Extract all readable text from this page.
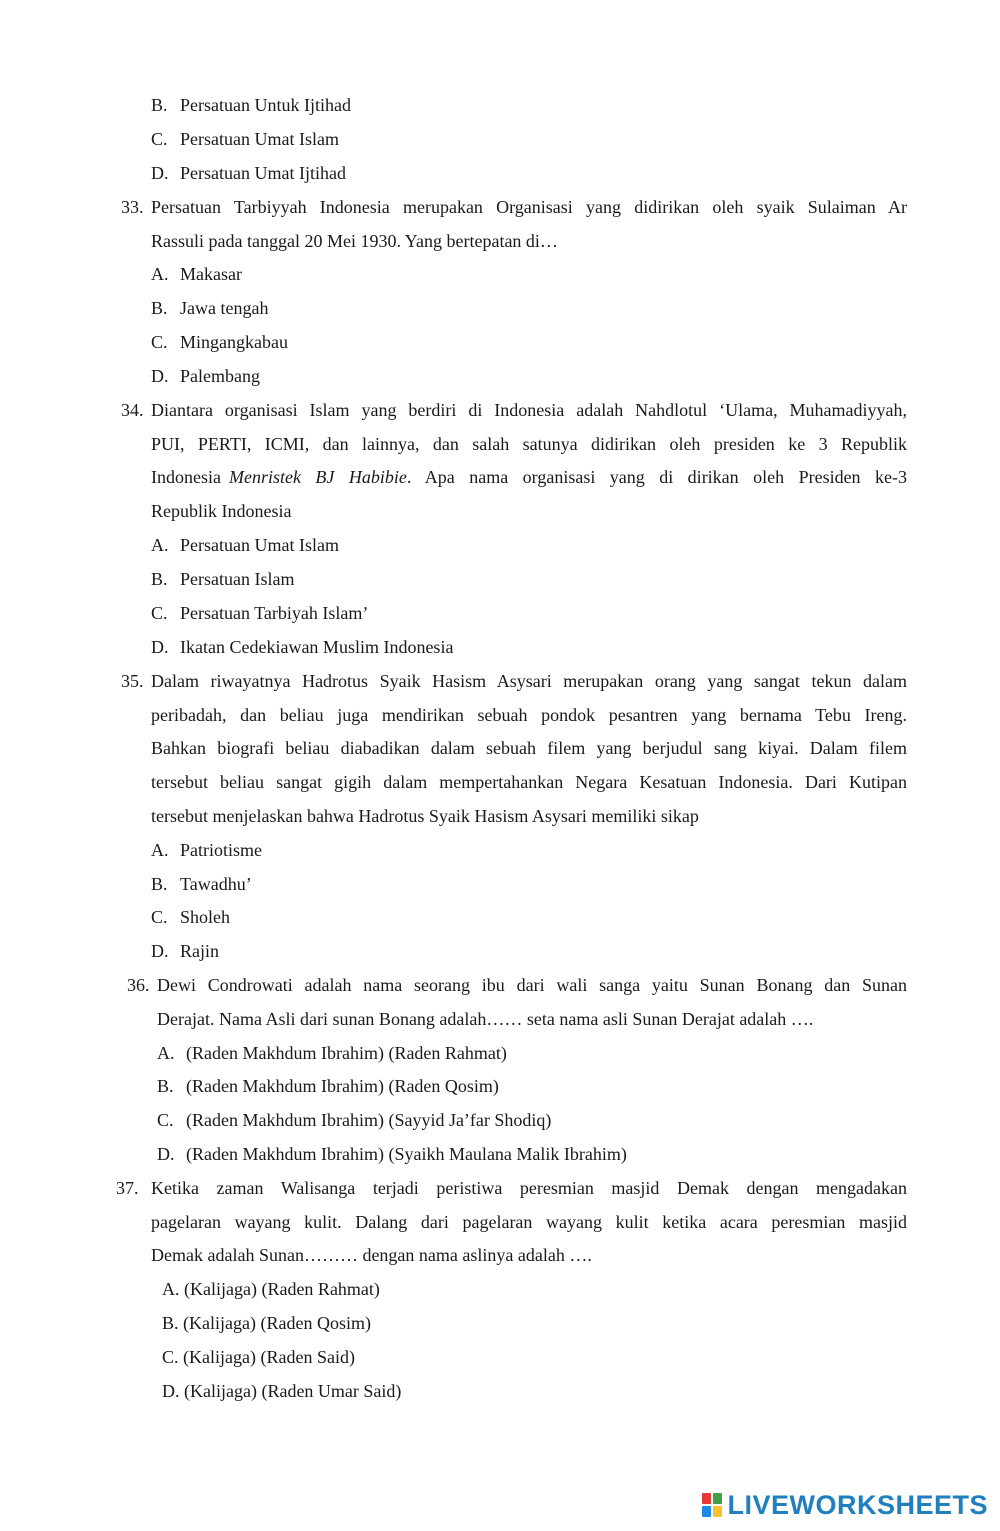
B. Persatuan Untuk Ijtihad
C. Persatuan Umat Islam
D. Persatuan Umat Ijtihad
33. Persatuan Tarbiyyah Indonesia merupakan Organisasi yang didirikan oleh syaik Sulaiman Ar
Rassuli pada tanggal 20 Mei 1930. Yang bertepatan di…
A. Makasar
B. Jawa tengah
C. Mingangkabau
D. Palembang
34. Diantara organisasi Islam yang berdiri di Indonesia adalah Nahdlotul ‘Ulama, Muhamadiyyah,
PUI, PERTI, ICMI, dan lainnya, dan salah satunya didirikan oleh presiden ke 3 Republik
Indonesia Menristek BJ Habibie. Apa nama organisasi yang di dirikan oleh Presiden ke-3
Republik Indonesia
A. Persatuan Umat Islam
B. Persatuan Islam
C. Persatuan Tarbiyah Islam’
D. Ikatan Cedekiawan Muslim Indonesia
35. Dalam riwayatnya Hadrotus Syaik Hasism Asysari merupakan orang yang sangat tekun dalam
peribadah, dan beliau juga mendirikan sebuah pondok pesantren yang bernama Tebu Ireng.
Bahkan biografi beliau diabadikan dalam sebuah filem yang berjudul sang kiyai. Dalam filem
tersebut beliau sangat gigih dalam mempertahankan Negara Kesatuan Indonesia. Dari Kutipan
tersebut menjelaskan bahwa Hadrotus Syaik Hasism Asysari memiliki sikap
A. Patriotisme
B. Tawadhu’
C. Sholeh
D. Rajin
36. Dewi Condrowati adalah nama seorang ibu dari wali sanga yaitu Sunan Bonang dan Sunan
Derajat. Nama Asli dari sunan Bonang adalah…… seta nama asli Sunan Derajat adalah ….
A. (Raden Makhdum Ibrahim) (Raden Rahmat)
B. (Raden Makhdum Ibrahim) (Raden Qosim)
C. (Raden Makhdum Ibrahim) (Sayyid Ja’far Shodiq)
D. (Raden Makhdum Ibrahim) (Syaikh Maulana Malik Ibrahim)
37. Ketika zaman Walisanga terjadi peristiwa peresmian masjid Demak dengan mengadakan
pagelaran wayang kulit. Dalang dari pagelaran wayang kulit ketika acara peresmian masjid
Demak adalah Sunan……… dengan nama aslinya adalah ….
A. (Kalijaga) (Raden Rahmat)
B. (Kalijaga) (Raden Qosim)
C. (Kalijaga) (Raden Said)
D. (Kalijaga) (Raden Umar Said)
LIVEWORKSHEETS
